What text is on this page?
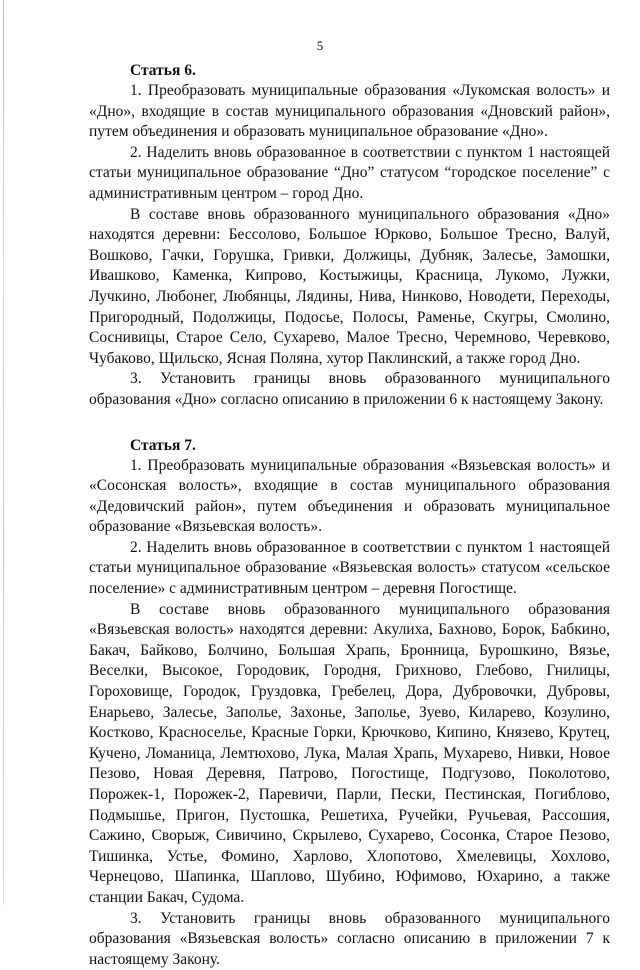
5
Статья 6.

1. Преобразовать муниципальные образования «Лукомская волость» и «Дно», входящие в состав муниципального образования «Дновский район», путем объединения и образовать муниципальное образование «Дно».

2. Наделить вновь образованное в соответствии с пунктом 1 настоящей статьи муниципальное образование “Дно” статусом “городское поселение” с административным центром – город Дно.

В составе вновь образованного муниципального образования «Дно» находятся деревни: Бессолово, Большое Юрково, Большое Тресно, Валуй, Вошково, Гачки, Горушка, Гривки, Должицы, Дубняк, Залесье, Замошки, Ивашково, Каменка, Кипрово, Костыжицы, Красница, Лукомо, Лужки, Лучкино, Любонег, Любянцы, Лядины, Нива, Нинково, Новодети, Переходы, Пригородный, Подолжицы, Подосье, Полосы, Раменье, Скугры, Смолино, Соснивицы, Старое Село, Сухарево, Малое Тресно, Черемново, Черевково, Чубаково, Щильско, Ясная Поляна, хутор Паклинский, а также город Дно.

3. Установить границы вновь образованного муниципального образования «Дно» согласно описанию в приложении 6 к настоящему Закону.

Статья 7.

1. Преобразовать муниципальные образования «Вязьевская волость» и «Сосонская волость», входящие в состав муниципального образования «Дедовичский район», путем объединения и образовать муниципальное образование «Вязьевская волость».

2. Наделить вновь образованное в соответствии с пунктом 1 настоящей статьи муниципальное образование «Вязьевская волость» статусом «сельское поселение» с административным центром – деревня Погостище.

В составе вновь образованного муниципального образования «Вязьевская волость» находятся деревни: Акулиха, Бахново, Борок, Бабкино, Бакач, Байково, Болчино, Большая Храпь, Бронница, Бурошкино, Вязье, Веселки, Высокое, Городовик, Городня, Грихново, Глебово, Гнилицы, Гороховище, Городок, Груздовка, Гребелец, Дора, Дубровочки, Дубровы, Енарьево, Залесье, Заполье, Захонье, Заполье, Зуево, Киларево, Козулино, Костково, Красноселье, Красные Горки, Крючково, Кипино, Князево, Крутец, Кучено, Ломаница, Лемтюхово, Лука, Малая Храпь, Мухарево, Нивки, Новое Пезово, Новая Деревня, Патрово, Погостище, Подгузово, Поколотово, Порожек-1, Порожек-2, Паревичи, Парли, Пески, Пестинская, Погиблово, Подмышье, Пригон, Пустошка, Решетиха, Ручейки, Ручьевая, Рассошия, Сажино, Сворыж, Сивичино, Скрылево, Сухарево, Сосонка, Старое Пезово, Тишинка, Устье, Фомино, Харлово, Хлопотово, Хмелевицы, Хохлово, Чернецово, Шапинка, Шаплово, Шубино, Юфимово, Юхарино, а также станции Бакач, Судома.

3. Установить границы вновь образованного муниципального образования «Вязьевская волость» согласно описанию в приложении 7 к настоящему Закону.
